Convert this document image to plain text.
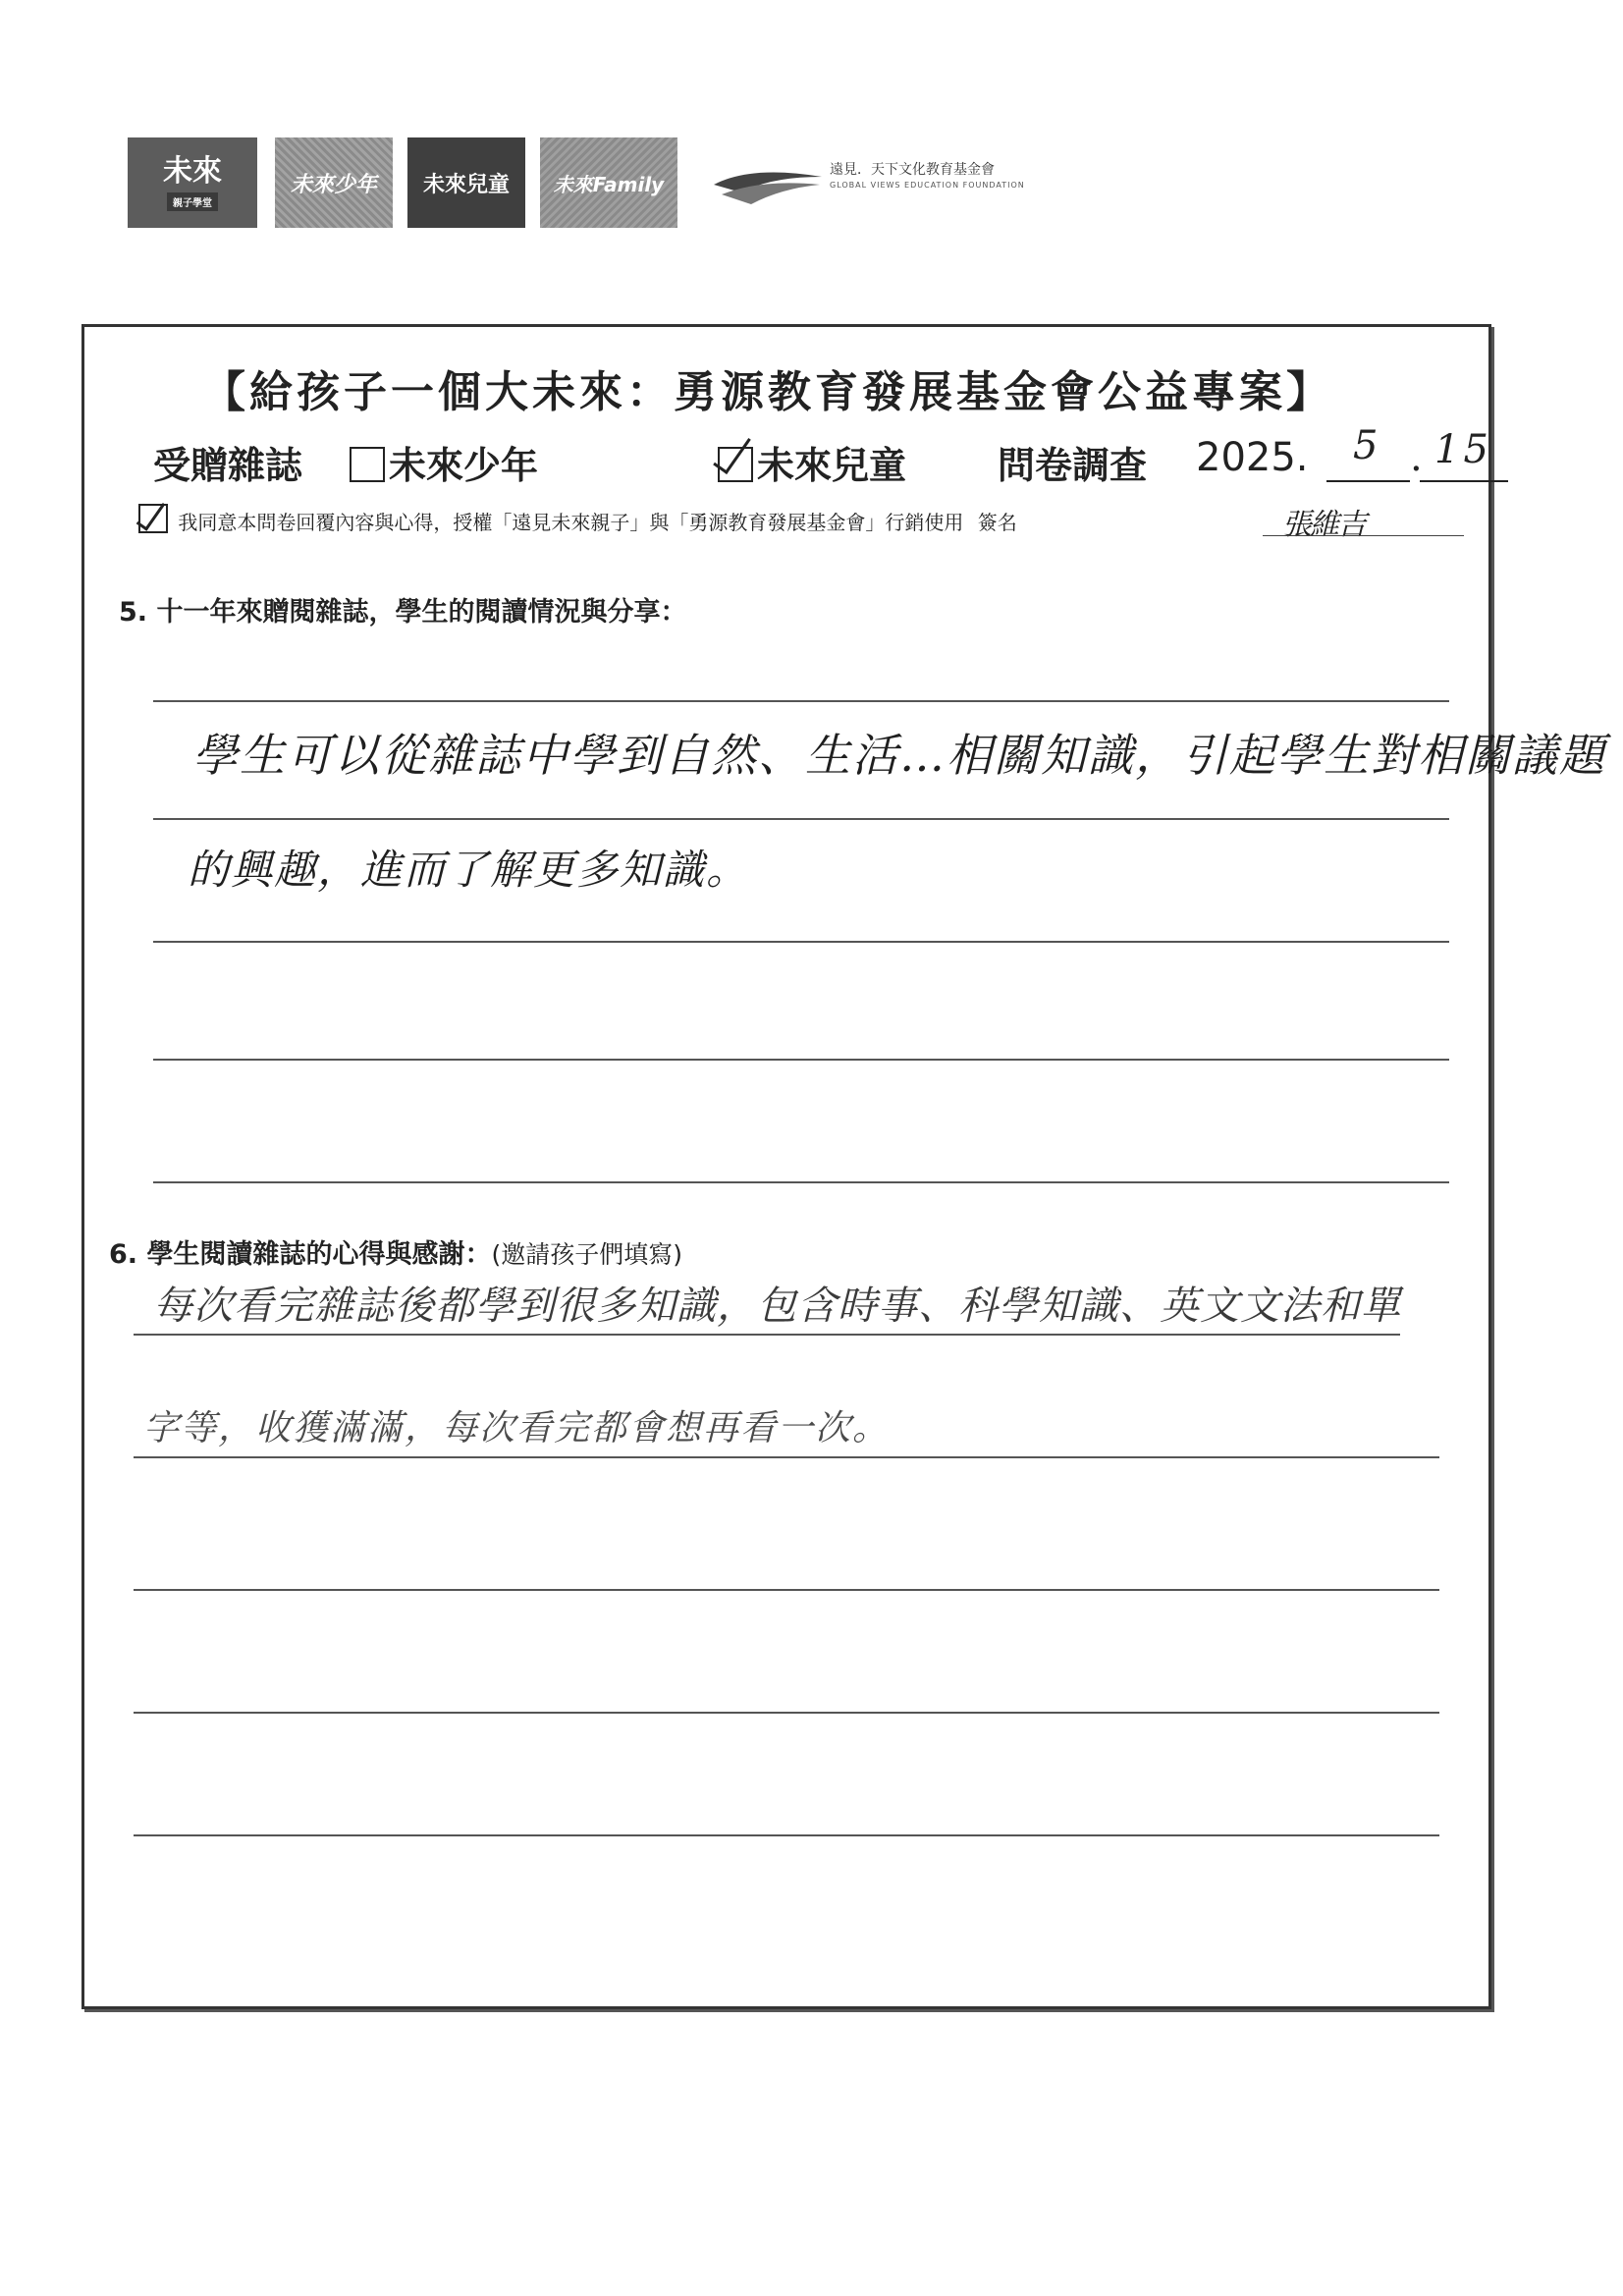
未來
親子學堂
未來少年 未來兒童 未來Family
遠見．天下文化教育基金會
GLOBAL VIEWS EDUCATION FOUNDATION
【給孩子一個大未來：勇源教育發展基金會公益專案】
受贈雜誌	未來少年	未來兒童 問卷調查 2025. 5 . 15
我同意本問卷回覆內容與心得，授權「遠見未來親子」與「勇源教育發展基金會」行銷使用 簽名	張維吉
5. 十一年來贈閱雜誌，學生的閱讀情況與分享：
學生可以從雜誌中學到自然、生活…相關知識，引起學生對相關議題
的興趣，進而了解更多知識。
6. 學生閱讀雜誌的心得與感謝：(邀請孩子們填寫)
每次看完雜誌後都學到很多知識，包含時事、科學知識、英文文法和單
字等，收獲滿滿，每次看完都會想再看一次。
